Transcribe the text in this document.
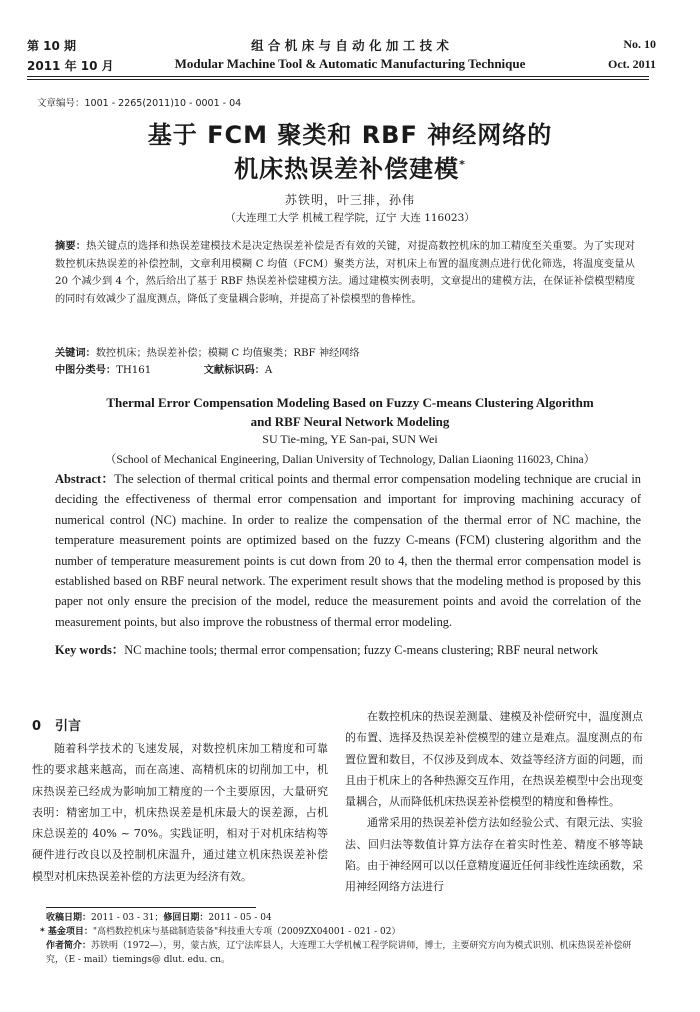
第 10 期
2011 年 10 月
组 合 机 床 与 自 动 化 加 工 技 术
Modular Machine Tool & Automatic Manufacturing Technique
No. 10
Oct. 2011
文章编号：1001 - 2265(2011)10 - 0001 - 04
基于 FCM 聚类和 RBF 神经网络的
机床热误差补偿建模*
苏铁明，叶三排，孙伟
（大连理工大学 机械工程学院，辽宁 大连 116023）
摘要：热关键点的选择和热误差建模技术是决定热误差补偿是否有效的关键，对提高数控机床的加工精度至关重要。为了实现对数控机床热误差的补偿控制，文章利用模糊 C 均值（FCM）聚类方法，对机床上布置的温度测点进行优化筛选，将温度变量从 20 个减少到 4 个，然后给出了基于 RBF 热误差补偿建模方法。通过建模实例表明，文章提出的建模方法，在保证补偿模型精度的同时有效减少了温度测点，降低了变量耦合影响，并提高了补偿模型的鲁棒性。
关键词：数控机床；热误差补偿；模糊 C 均值聚类；RBF 神经网络
中图分类号：TH161	文献标识码：A
Thermal Error Compensation Modeling Based on Fuzzy C-means Clustering Algorithm
and RBF Neural Network Modeling
SU Tie-ming, YE San-pai, SUN Wei
（School of Mechanical Engineering, Dalian University of Technology, Dalian Liaoning 116023, China）
Abstract：The selection of thermal critical points and thermal error compensation modeling technique are crucial in deciding the effectiveness of thermal error compensation and important for improving machining accuracy of numerical control (NC) machine. In order to realize the compensation of the thermal error of NC machine, the temperature measurement points are optimized based on the fuzzy C-means (FCM) clustering algorithm and the number of temperature measurement points is cut down from 20 to 4, then the thermal error compensation model is established based on RBF neural network. The experiment result shows that the modeling method is proposed by this paper not only ensure the precision of the model, reduce the measurement points and avoid the correlation of the measurement points, but also improve the robustness of thermal error modeling.
Key words：NC machine tools; thermal error compensation; fuzzy C-means clustering; RBF neural network
0 引言

随着科学技术的飞速发展，对数控机床加工精度和可靠性的要求越来越高，而在高速、高精机床的切削加工中，机床热误差已经成为影响加工精度的一个主要原因，大量研究表明：精密加工中，机床热误差是机床最大的误差源，占机床总误差的 40% ~ 70%。实践证明，相对于对机床结构等硬件进行改良以及控制机床温升，通过建立机床热误差补偿模型对机床热误差补偿的方法更为经济有效。

在数控机床的热误差测量、建模及补偿研究中，温度测点的布置、选择及热误差补偿模型的建立是难点。温度测点的布置位置和数目，不仅涉及到成本、效益等经济方面的问题，而且由于机床上的各种热源交互作用，在热误差模型中会出现变量耦合，从而降低机床热误差补偿模型的精度和鲁棒性。

通常采用的热误差补偿方法如经验公式、有限元法、实验法、回归法等数值计算方法存在着实时性差、精度不够等缺陷。由于神经网可以以任意精度逼近任何非线性连续函数，采用神经网络方法进行

收稿日期：2011 - 03 - 31；修回日期：2011 - 05 - 04
* 基金项目："高档数控机床与基础制造装备"科技重大专项（2009ZX04001 - 021 - 02）
作者简介：苏铁明（1972—），男，蒙古族，辽宁法库县人，大连理工大学机械工程学院讲师，博士，主要研究方向为模式识别、机床热误差补偿研究，（E - mail）tiemings@ dlut. edu. cn。
